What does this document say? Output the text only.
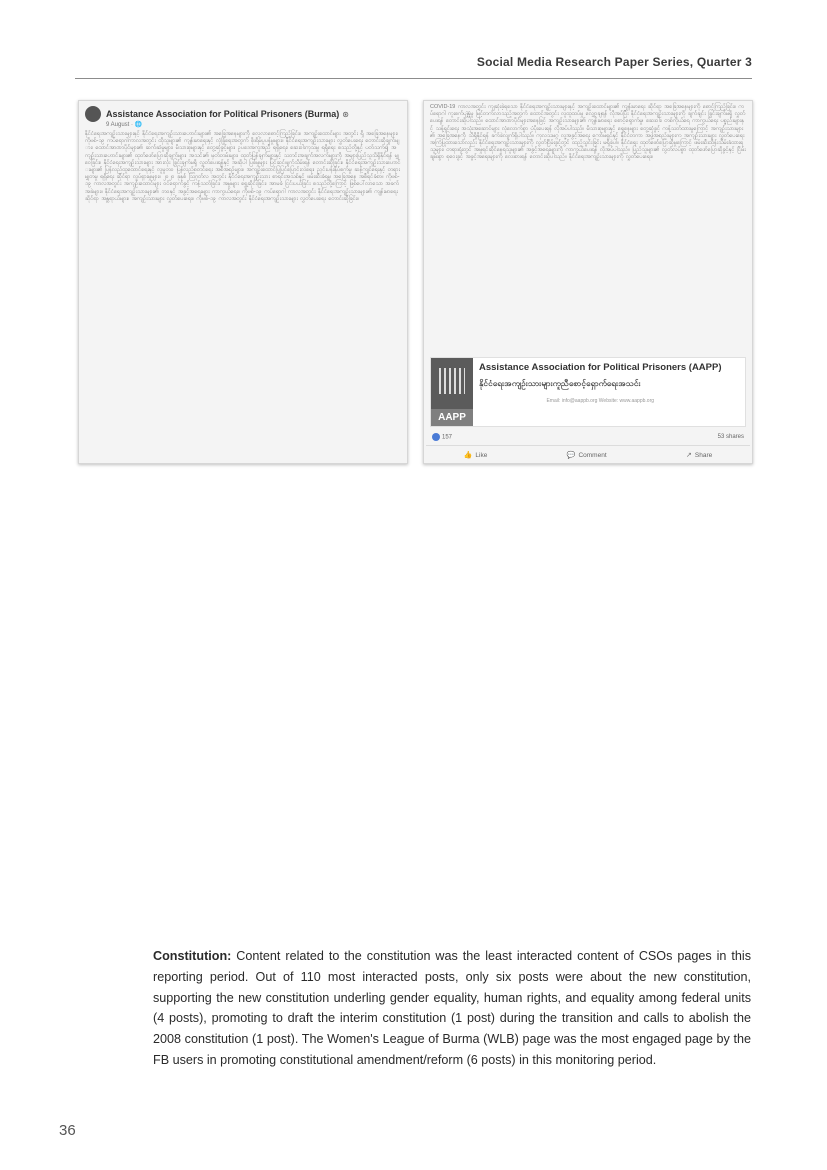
Social Media Research Paper Series, Quarter 3
Assistance Association for Political Prisoners (Burma) ⊛
9 August · 🌐
နိုင်ငံရေးအကျဉ်းသားများနှင့် နိုင်ငံရေးအကျဉ်းသားဟောင်းများ၏ အခြေအနေများကို လေ့လာစောင့်ကြည့်ခြင်း။ အကျဉ်းထောင်များ အတွင်း ရှိ အခြေအနေများ၊ ကိုဗစ်-၁၉ ကပ်ရောဂါကာလအတွင်း ထိုသူများ၏ ကျန်းမာရေးနှင့် လုံခြုံရေးအတွက် စိုးရိမ်ပူပန်မှုများ။ နိုင်ငံရေးအကျဉ်းသားများ လွှတ်ပေးရေး တောင်းဆိုချက်များ၊ ထောင်အာဏာပိုင်များ၏ ဆက်ဆံမှုများ၊ မိသားစုများနှင့် တွေ့ဆုံခွင့်များ၊ ဥပဒေအကူအညီ ရရှိရေး၊ ဆေးဝါးကုသမှု ရရှိရေး စသည်တို့နှင့် ပတ်သက်၍ အကျဉ်းသားဟောင်းများ၏ ထုတ်ဖော်ပြောဆိုချက်များ၊ အသင်း၏ မှတ်တမ်းများ၊ ထုတ်ပြန်ချက်များနှင့် သတင်းအချက်အလက်များကို အများပြည်သူသိရှိနိုင်ရန် မျှဝေခြင်း။ နိုင်ငံရေးအကျဉ်းသားများ အားလုံး ခြွင်းချက်မရှိ လွှတ်ပေးရန်နှင့် အဆိုပါ ပြစ်မှုများ ပြင်ဆင်ဖျက်သိမ်းရန် တောင်းဆိုခြင်း။ နိုင်ငံရေးအကျဉ်းသားဟောင်းများ၏ ပြန်လည်ထူထောင်ရေးနှင့် လူမှုဘဝ ပြန်လည်စတင်ရေး အစီအစဉ်များ။ အကျဉ်းထောင်ပြုပြင်ပြောင်းလဲရေး၊ ညှင်းပန်းနှိပ်စက်မှု ဆန့်ကျင်ရေးနှင့် တရားမျှတမှု ရရှိရေး ဆိုင်ရာ လှုပ်ရှားမှုများ။ ၂၀၂၀ ခုနှစ် ဩဂုတ်လ အတွင်း နိုင်ငံရေးအကျဉ်းသား စာရင်းအသစ်နှင့် ဖမ်းဆီးခံရမှု အခြေအနေ အစီရင်ခံစာ။ ကိုဗစ်-၁၉ ကာလအတွင်း အကျဉ်းထောင်များ ဝင်ရောက်ခွင့် ကန့်သတ်ခြင်း၊ အမှုများ ရွှေ့ဆိုင်းခြင်း၊ အာမခံ ငြင်းပယ်ခြင်း စသည်တို့ကြောင့် ဖြစ်ပေါ်လာသော အခက်အခဲများ။ နိုင်ငံရေးအကျဉ်းသားများ၏ ဘဝနှင့် အခွင့်အရေးများ ကာကွယ်ရေး။ ကိုဗစ်-၁၉ ကပ်ရောဂါ ကာလအတွင်း နိုင်ငံရေးအကျဉ်းသားများ၏ ကျန်းမာရေး ဆိုင်ရာ အန္တရာယ်များ။ အကျဉ်းသားများ လွှတ်ပေးရေး။ ကိုဗစ်-၁၉ ကာလအတွင်း နိုင်ငံရေးအကျဉ်းသားများ လွှတ်ပေးရေး တောင်းဆိုခြင်း။
COVID-19 ကာလအတွင်း ကျဆုံးခဲ့ရသော နိုင်ငံရေးအကျဉ်းသားများနှင့် အကျဉ်းထောင်များ၏ ကျန်းမာရေး ဆိုင်ရာ အခြေအနေများကို စောင့်ကြည့်ခြင်း။ ကပ်ရောဂါ ကူးစက်ပျံ့နှံ့မှု မြင့်တက်လာသည့်အတွက် ထောင်အတွင်း လူထူထပ်မှု လျှော့ချရန် လိုအပ်ပြီး နိုင်ငံရေးအကျဉ်းသားများကို ချက်ချင်း ခြွင်းချက်မရှိ လွှတ်ပေးရန် တောင်းဆိုပါသည်။ ထောင်အာဏာပိုင်များအနေဖြင့် အကျဉ်းသားများ၏ ကျန်းမာရေး စောင့်ရှောက်မှု၊ ဆေးဝါး၊ တစ်ကိုယ်ရေ ကာကွယ်ရေး ပစ္စည်းများနှင့် သန့်ရှင်းရေး အသုံးအဆောင်များ လုံလောက်စွာ ပံ့ပိုးပေးရန် လိုအပ်ပါသည်။ မိသားစုများနှင့် ရှေ့နေများ တွေ့ဆုံခွင့် ကန့်သတ်ထားမှုကြောင့် အကျဉ်းသားများ၏ အခြေအနေကို သိရှိနိုင်ရန် ခက်ခဲလျက်ရှိပါသည်။ ကုလသမဂ္ဂ လူ့အခွင့်အရေး ကော်မရှင်နှင့် နိုင်ငံတကာ အဖွဲ့အစည်းများက အကျဉ်းသားများ လွှတ်ပေးရေး အကြံပြုထားသော်လည်း နိုင်ငံရေးအကျဉ်းသားများကို လွတ်ငြိမ်းခွင့်တွင် ထည့်သွင်းခြင်း မရှိခဲ့ပါ။ နိုင်ငံရေး ထုတ်ဖော်ပြောဆိုမှုကြောင့် ဖမ်းဆီးထိန်းသိမ်းခံထားရသူများ၊ တရားရုံးတွင် အမှုရင်ဆိုင်နေရသူများ၏ အခွင့်အရေးများကို ကာကွယ်ပေးရန် လိုအပ်ပါသည်။ ပြည်သူများ၏ လွတ်လပ်စွာ ထုတ်ဖော်ပြောဆိုခွင့်နှင့် ငြိမ်းချမ်းစွာ စုဝေးခွင့် အခွင့်အရေးများကို လေးစားရန် တောင်းဆိုပါသည်။ နိုင်ငံရေးအကျဉ်းသားများကို လွှတ်ပေးရေး။
AAPP
Assistance Association for Political Prisoners (AAPP)
နိုင်ငံရေးအကျဉ်းသားများကူညီစောင့်ရှောက်ရေးအသင်း
Email: info@aappb.org Website: www.aappb.org
157	53 shares
👍 Like	💬 Comment	↗ Share
Constitution: Content related to the constitution was the least interacted content of CSOs pages in this reporting period. Out of 110 most interacted posts, only six posts were about the new constitution, supporting the new constitution underling gender equality, human rights, and equality among federal units (4 posts), promoting to draft the interim constitution (1 post) during the transition and calls to abolish the 2008 constitution (1 post). The Women's League of Burma (WLB) page was the most engaged page by the FB users in promoting constitutional amendment/reform (6 posts) in this monitoring period.
36
